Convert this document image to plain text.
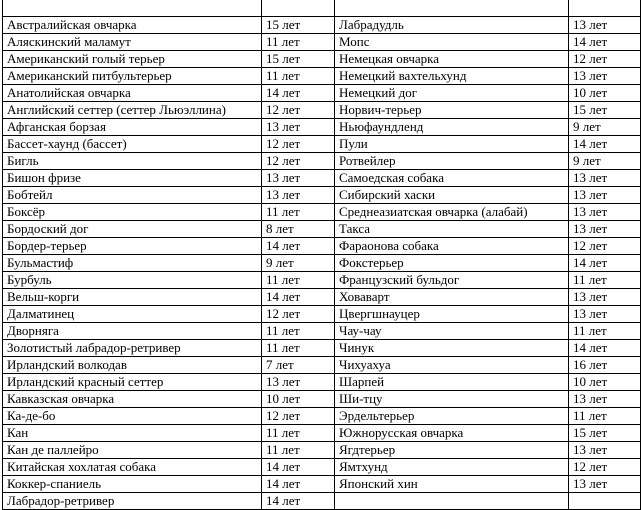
Австралийская овчарка	15 лет	Лабрадудль	13 лет
Аляскинский маламут	11 лет	Мопс	14 лет
Американский голый терьер	15 лет	Немецкая овчарка	12 лет
Американский питбультерьер	11 лет	Немецкий вахтельхунд	13 лет
Анатолийская овчарка	14 лет	Немецкий дог	10 лет
Английский сеттер (сеттер Льюэллина)	12 лет	Норвич-терьер	15 лет
Афганская борзая	13 лет	Ньюфаундленд	9 лет
Бассет-хаунд (бассет)	12 лет	Пули	14 лет
Бигль	12 лет	Ротвейлер	9 лет
Бишон фризе	13 лет	Самоедская собака	13 лет
Бобтейл	13 лет	Сибирский хаски	13 лет
Боксёр	11 лет	Среднеазиатская овчарка (алабай)	13 лет
Бордоский дог	8 лет	Такса	13 лет
Бордер-терьер	14 лет	Фараонова собака	12 лет
Бульмастиф	9 лет	Фокстерьер	14 лет
Бурбуль	11 лет	Французский бульдог	11 лет
Вельш-корги	14 лет	Ховаварт	13 лет
Далматинец	12 лет	Цвергшнауцер	13 лет
Дворняга	11 лет	Чау-чау	11 лет
Золотистый лабрадор-ретривер	11 лет	Чинук	14 лет
Ирландский волкодав	7 лет	Чихуахуа	16 лет
Ирландский красный сеттер	13 лет	Шарпей	10 лет
Кавказская овчарка	10 лет	Ши-тцу	13 лет
Ка-де-бо	12 лет	Эрдельтерьер	11 лет
Кан	11 лет	Южнорусская овчарка	15 лет
Кан де паллейро	11 лет	Ягдтерьер	13 лет
Китайская хохлатая собака	14 лет	Ямтхунд	12 лет
Коккер-спаниель	14 лет	Японский хин	13 лет
Лабрадор-ретривер	14 лет		
